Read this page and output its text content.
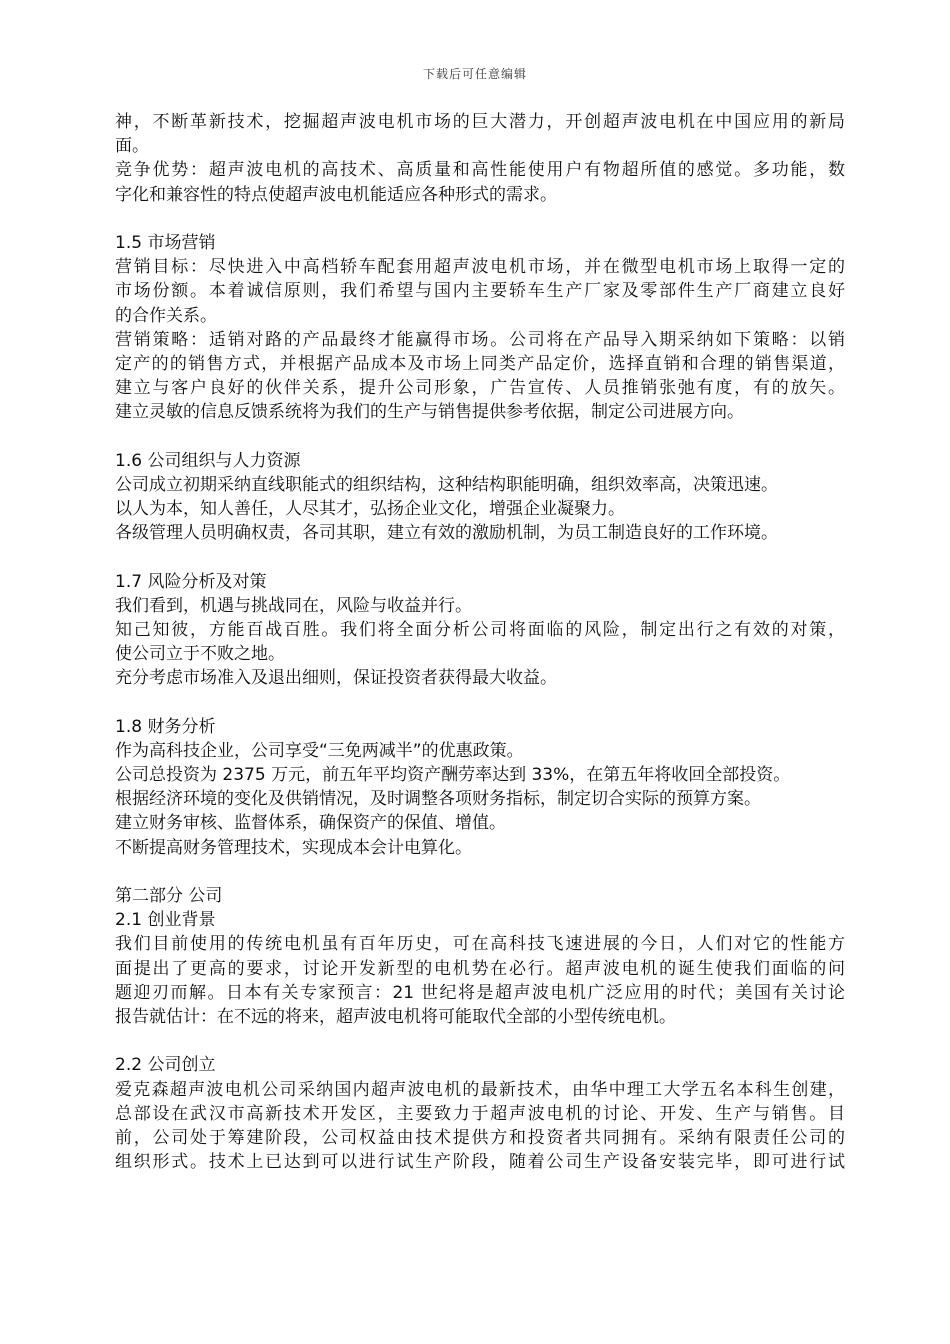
下载后可任意编辑
神，不断革新技术，挖掘超声波电机市场的巨大潜力，开创超声波电机在中国应用的新局
面。
竞争优势：超声波电机的高技术、高质量和高性能使用户有物超所值的感觉。多功能，数
字化和兼容性的特点使超声波电机能适应各种形式的需求。
1.5 市场营销
营销目标：尽快进入中高档轿车配套用超声波电机市场，并在微型电机市场上取得一定的
市场份额。本着诚信原则，我们希望与国内主要轿车生产厂家及零部件生产厂商建立良好
的合作关系。
营销策略：适销对路的产品最终才能赢得市场。公司将在产品导入期采纳如下策略：以销
定产的的销售方式，并根据产品成本及市场上同类产品定价，选择直销和合理的销售渠道，
建立与客户良好的伙伴关系，提升公司形象，广告宣传、人员推销张弛有度，有的放矢。
建立灵敏的信息反馈系统将为我们的生产与销售提供参考依据，制定公司进展方向。
1.6 公司组织与人力资源
公司成立初期采纳直线职能式的组织结构，这种结构职能明确，组织效率高，决策迅速。
以人为本，知人善任，人尽其才，弘扬企业文化，增强企业凝聚力。
各级管理人员明确权责，各司其职，建立有效的激励机制，为员工制造良好的工作环境。
1.7 风险分析及对策
我们看到，机遇与挑战同在，风险与收益并行。
知己知彼，方能百战百胜。我们将全面分析公司将面临的风险，制定出行之有效的对策，
使公司立于不败之地。
充分考虑市场准入及退出细则，保证投资者获得最大收益。
1.8 财务分析
作为高科技企业，公司享受“三免两减半”的优惠政策。
公司总投资为 2375 万元，前五年平均资产酬劳率达到 33%，在第五年将收回全部投资。
根据经济环境的变化及供销情况，及时调整各项财务指标，制定切合实际的预算方案。
建立财务审核、监督体系，确保资产的保值、增值。
不断提高财务管理技术，实现成本会计电算化。
第二部分 公司
2.1 创业背景
我们目前使用的传统电机虽有百年历史，可在高科技飞速进展的今日，人们对它的性能方
面提出了更高的要求，讨论开发新型的电机势在必行。超声波电机的诞生使我们面临的问
题迎刃而解。日本有关专家预言：21 世纪将是超声波电机广泛应用的时代；美国有关讨论
报告就估计：在不远的将来，超声波电机将可能取代全部的小型传统电机。
2.2 公司创立
爱克森超声波电机公司采纳国内超声波电机的最新技术，由华中理工大学五名本科生创建，
总部设在武汉市高新技术开发区，主要致力于超声波电机的讨论、开发、生产与销售。目
前，公司处于筹建阶段，公司权益由技术提供方和投资者共同拥有。采纳有限责任公司的
组织形式。技术上已达到可以进行试生产阶段，随着公司生产设备安装完毕，即可进行试
